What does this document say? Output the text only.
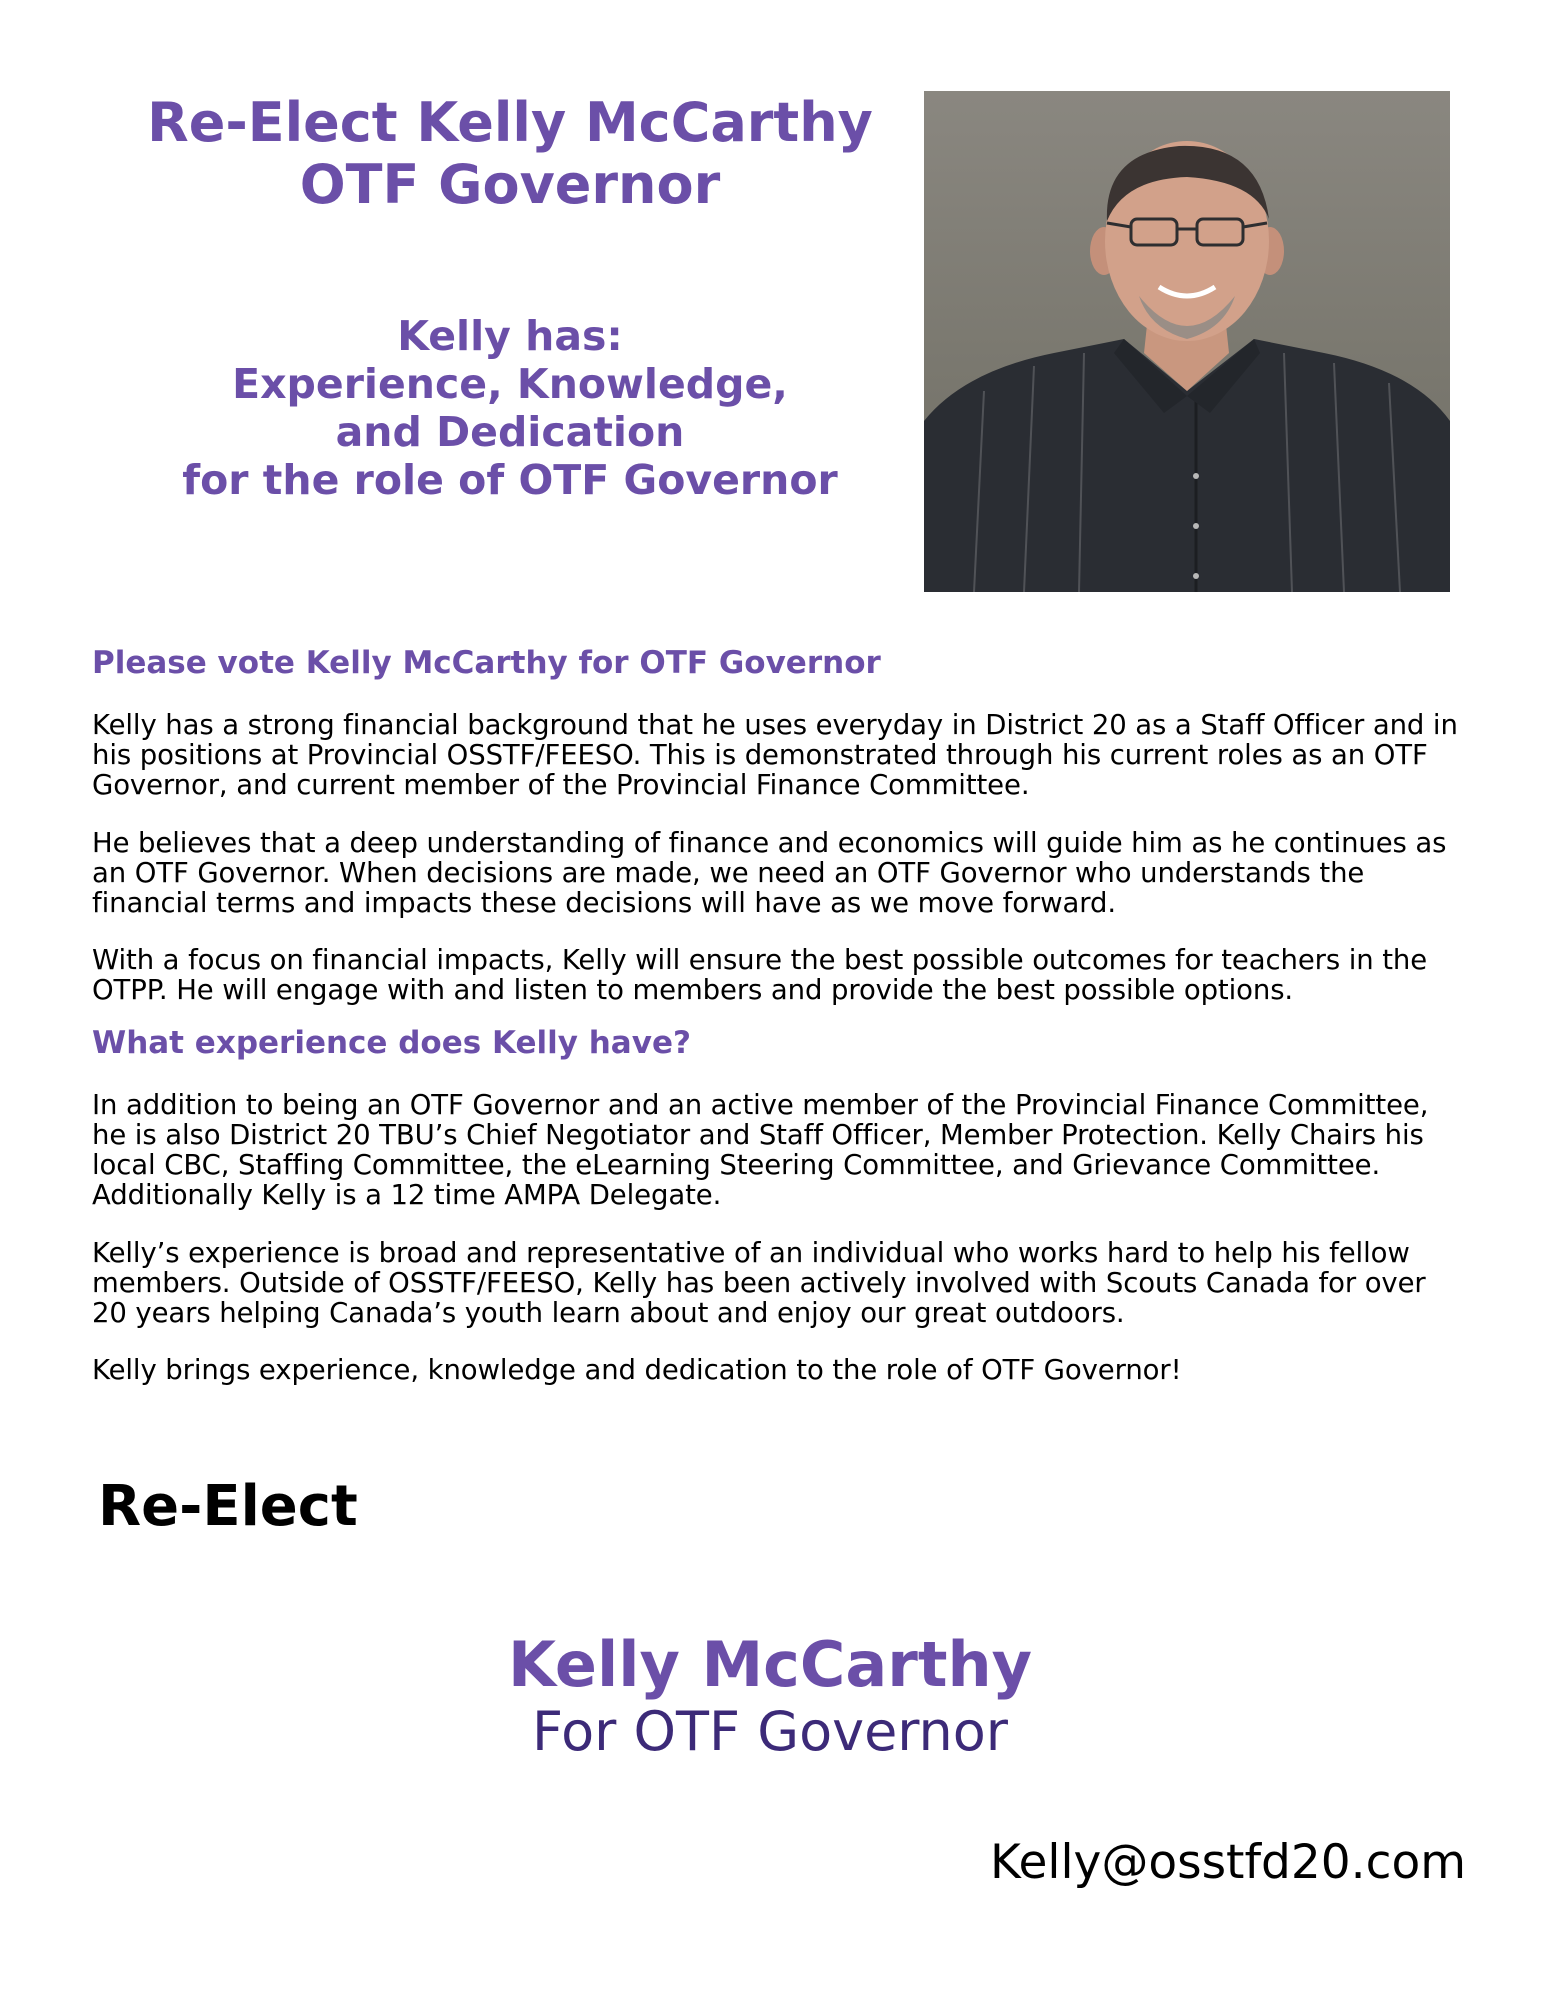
Re-Elect Kelly McCarthy
OTF Governor
Kelly has:
Experience, Knowledge,
and Dedication
for the role of OTF Governor
Please vote Kelly McCarthy for OTF Governor

Kelly has a strong financial background that he uses everyday in District 20 as a Staff Officer and in his positions at Provincial OSSTF/FEESO. This is demonstrated through his current roles as an OTF Governor, and current member of the Provincial Finance Committee.

He believes that a deep understanding of finance and economics will guide him as he continues as an OTF Governor. When decisions are made, we need an OTF Governor who understands the financial terms and impacts these decisions will have as we move forward.

With a focus on financial impacts, Kelly will ensure the best possible outcomes for teachers in the OTPP. He will engage with and listen to members and provide the best possible options.

What experience does Kelly have?

In addition to being an OTF Governor and an active member of the Provincial Finance Committee, he is also District 20 TBU’s Chief Negotiator and Staff Officer, Member Protection. Kelly Chairs his local CBC, Staffing Committee, the eLearning Steering Committee, and Grievance Committee. Additionally Kelly is a 12 time AMPA Delegate.

Kelly’s experience is broad and representative of an individual who works hard to help his fellow members. Outside of OSSTF/FEESO, Kelly has been actively involved with Scouts Canada for over 20 years helping Canada’s youth learn about and enjoy our great outdoors.

Kelly brings experience, knowledge and dedication to the role of OTF Governor!

Re-Elect
Kelly McCarthy
For OTF Governor
Kelly@osstfd20.com
